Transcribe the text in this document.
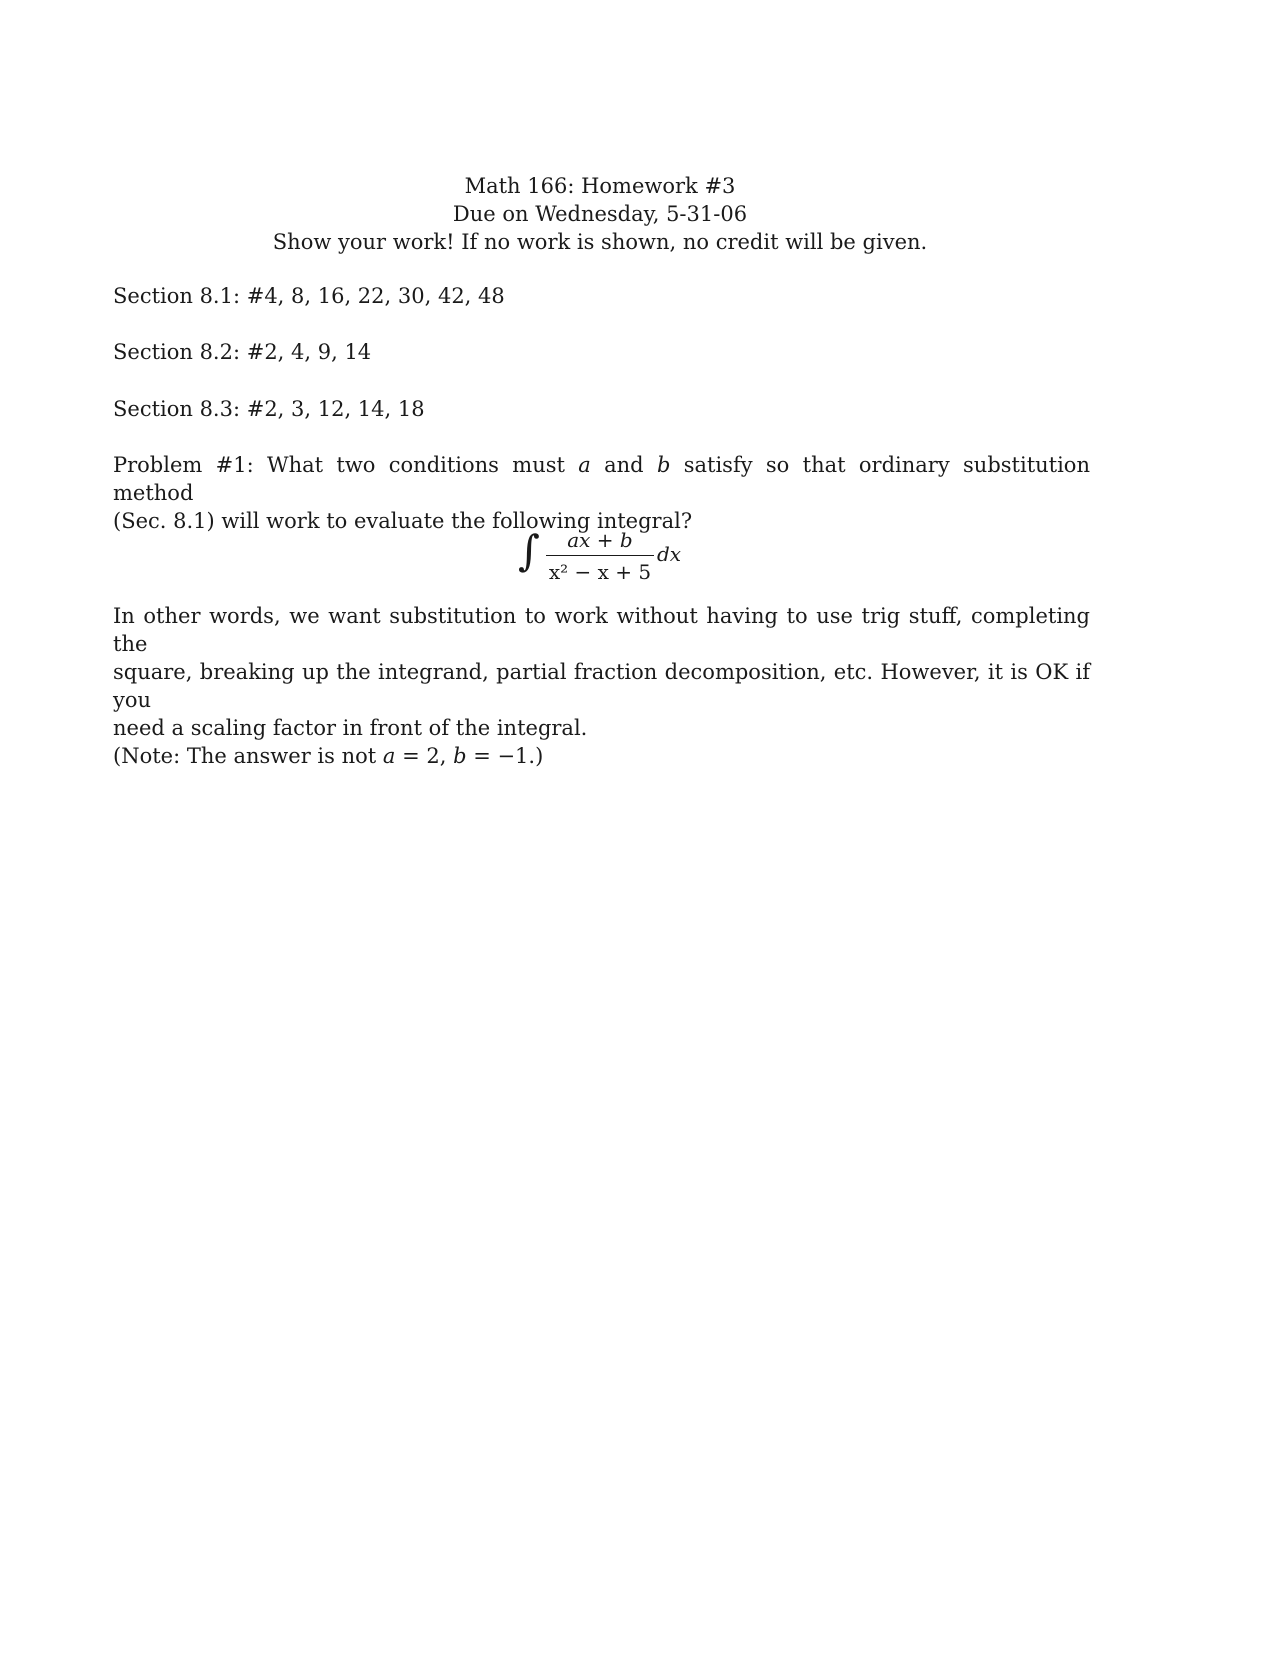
Math 166: Homework #3
Due on Wednesday, 5-31-06
Show your work! If no work is shown, no credit will be given.
Section 8.1: #4, 8, 16, 22, 30, 42, 48
Section 8.2: #2, 4, 9, 14
Section 8.3: #2, 3, 12, 14, 18
Problem #1: What two conditions must a and b satisfy so that ordinary substitution method
(Sec. 8.1) will work to evaluate the following integral?
∫	ax + b
x² − x + 5
dx
In other words, we want substitution to work without having to use trig stuff, completing the
square, breaking up the integrand, partial fraction decomposition, etc. However, it is OK if you
need a scaling factor in front of the integral.
(Note: The answer is not a = 2, b = −1.)
